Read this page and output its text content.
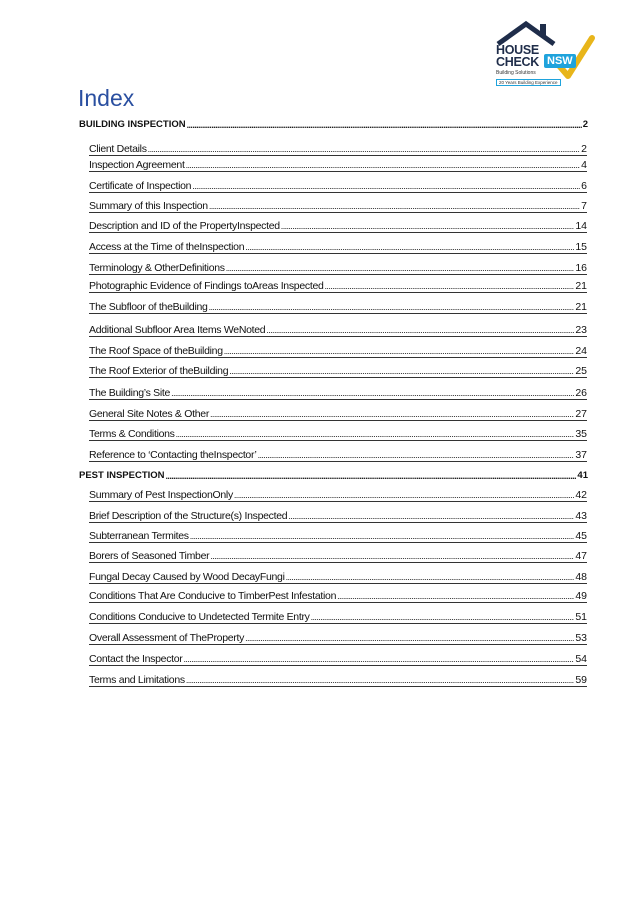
HOUSE
CHECK NSW
Building Solutions
20 Years Building Experience
Index
BUILDING INSPECTION .....	2
Client Details .....	2
Inspection Agreement .....	4
Certificate of Inspection .....	6
Summary of this Inspection .....	7
Description and ID of the PropertyInspected .....	14
Access at the Time of theInspection .....	15
Terminology & OtherDefinitions .....	16
Photographic Evidence of Findings toAreas Inspected .....	21
The Subfloor of theBuilding .....	21
Additional Subfloor Area Items WeNoted .....	23
The Roof Space of theBuilding .....	24
The Roof Exterior of theBuilding .....	25
The Building’s Site .....	26
General Site Notes & Other .....	27
Terms & Conditions .....	35
Reference to ‘Contacting theInspector’ .....	37
PEST INSPECTION .....	41
Summary of Pest InspectionOnly .....	42
Brief Description of the Structure(s) Inspected .....	43
Subterranean Termites .....	45
Borers of Seasoned Timber .....	47
Fungal Decay Caused by Wood DecayFungi .....	48
Conditions That Are Conducive to TimberPest Infestation .....	49
Conditions Conducive to Undetected Termite Entry .....	51
Overall Assessment of TheProperty .....	53
Contact the Inspector .....	54
Terms and Limitations .....	59
